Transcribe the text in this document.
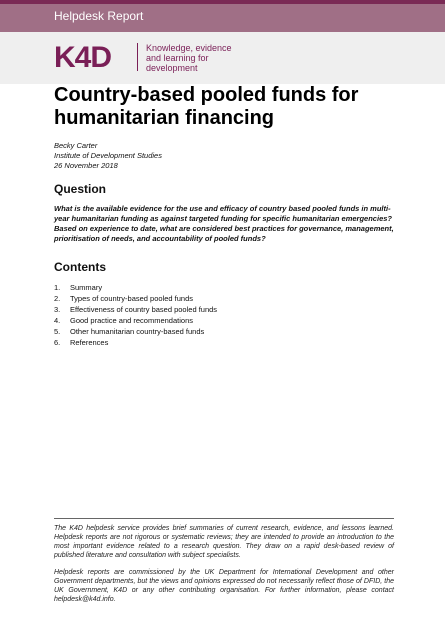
Helpdesk Report
K4D	Knowledge, evidence
and learning for
development
Country-based pooled funds for humanitarian financing
Becky Carter
Institute of Development Studies
26 November 2018
Question
What is the available evidence for the use and efficacy of country based pooled funds in multi-year humanitarian funding as against targeted funding for specific humanitarian emergencies? Based on experience to date, what are considered best practices for governance, management, prioritisation of needs, and accountability of pooled funds?
Contents
1.	Summary
2.	Types of country-based pooled funds
3.	Effectiveness of country based pooled funds
4.	Good practice and recommendations
5.	Other humanitarian country-based funds
6.	References

The K4D helpdesk service provides brief summaries of current research, evidence, and lessons learned. Helpdesk reports are not rigorous or systematic reviews; they are intended to provide an introduction to the most important evidence related to a research question. They draw on a rapid desk-based review of published literature and consultation with subject specialists.

Helpdesk reports are commissioned by the UK Department for International Development and other Government departments, but the views and opinions expressed do not necessarily reflect those of DFID, the UK Government, K4D or any other contributing organisation. For further information, please contact helpdesk@k4d.info.
